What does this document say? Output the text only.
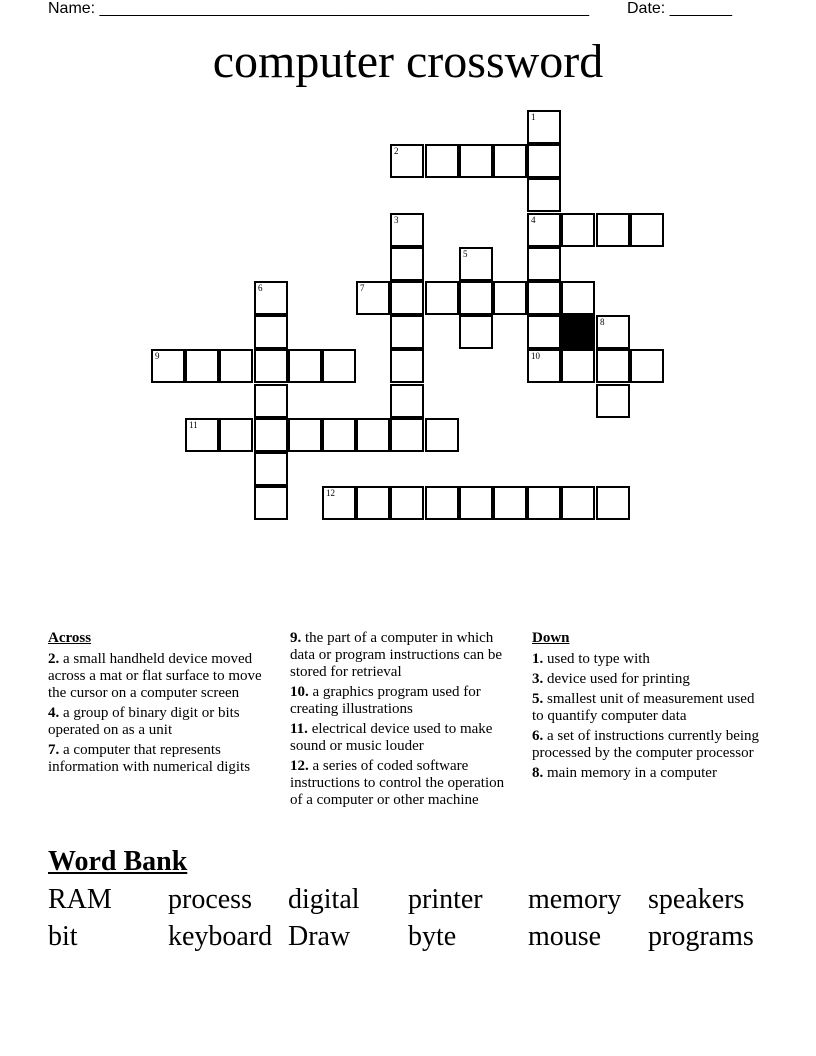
Name: _______________________________________________________ Date: _______
computer crossword
1
2
3	4
5
6	7
8
9	10
11
12
Across
2. a small handheld device moved across a mat or flat surface to move the cursor on a computer screen
4. a group of binary digit or bits operated on as a unit
7. a computer that represents information with numerical digits
9. the part of a computer in which data or program instructions can be stored for retrieval
10. a graphics program used for creating illustrations
11. electrical device used to make sound or music louder
12. a series of coded software instructions to control the operation of a computer or other machine
Down
1. used to type with
3. device used for printing
5. smallest unit of measurement used to quantify computer data
6. a set of instructions currently being processed by the computer processor
8. main memory in a computer
Word Bank
RAM process digital printer memory speakers
bit	keyboard Draw byte	mouse programs
